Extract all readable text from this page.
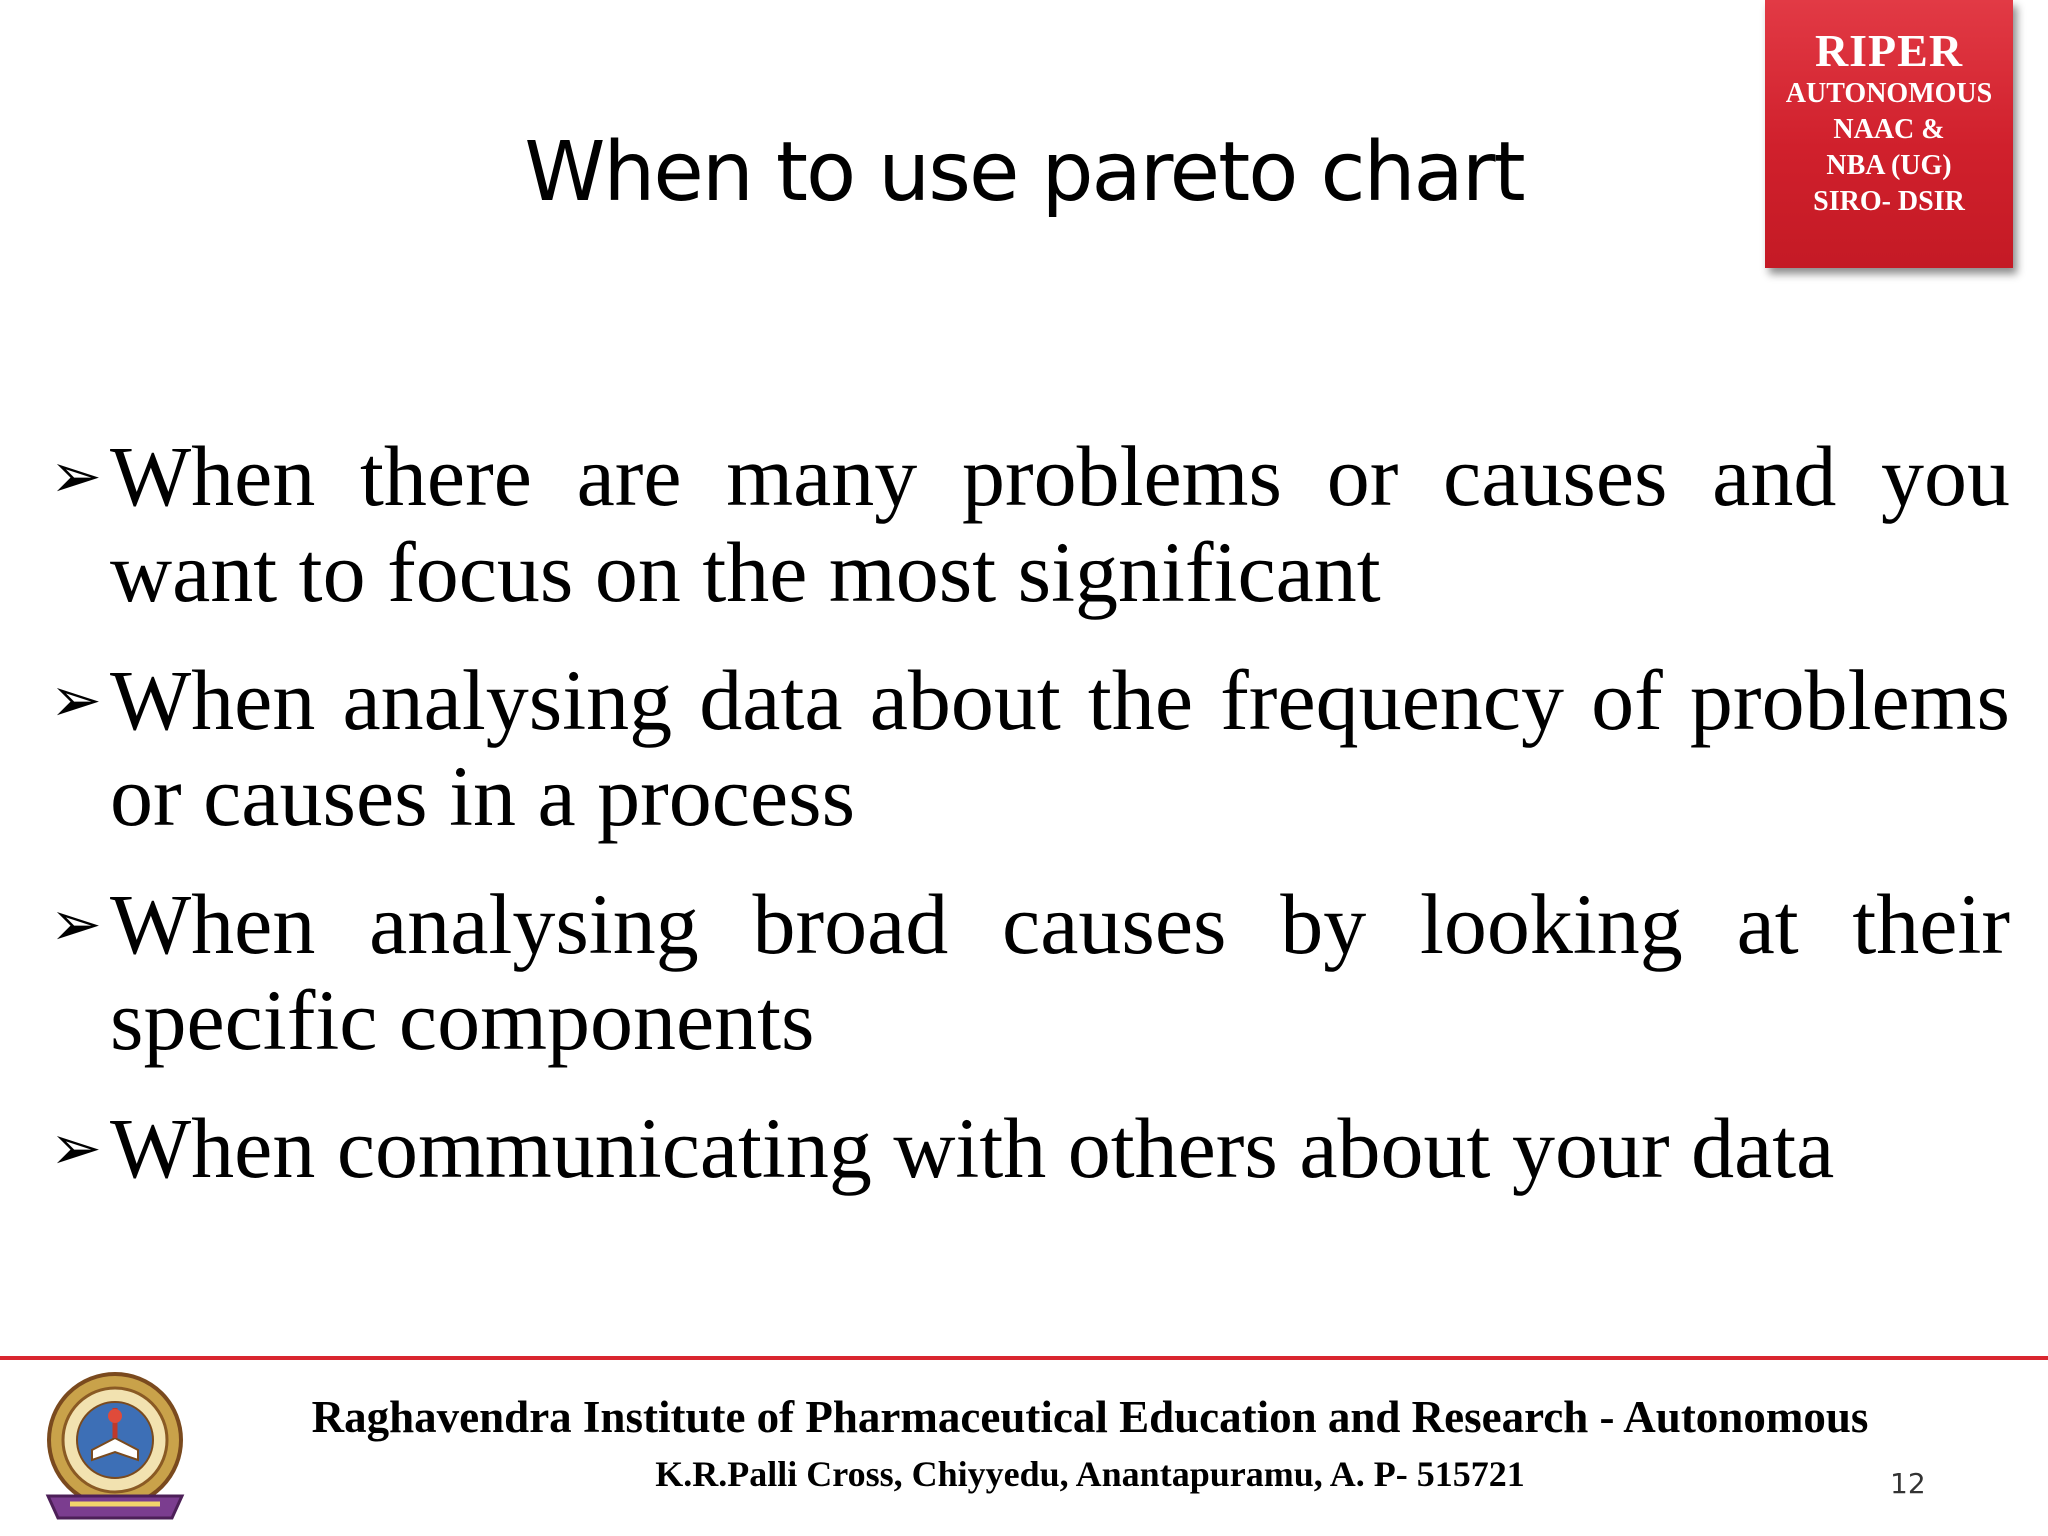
When to use pareto chart
RIPER
AUTONOMOUS
NAAC &
NBA (UG)
SIRO- DSIR
➢ When there are many problems or causes and you want to focus on the most significant
➢ When analysing data about the frequency of problems or causes in a process
➢ When analysing broad causes by looking at their specific components
➢ When communicating with others about your data
Raghavendra Institute of Pharmaceutical Education and Research - Autonomous
K.R.Palli Cross, Chiyyedu, Anantapuramu, A. P- 515721	12
